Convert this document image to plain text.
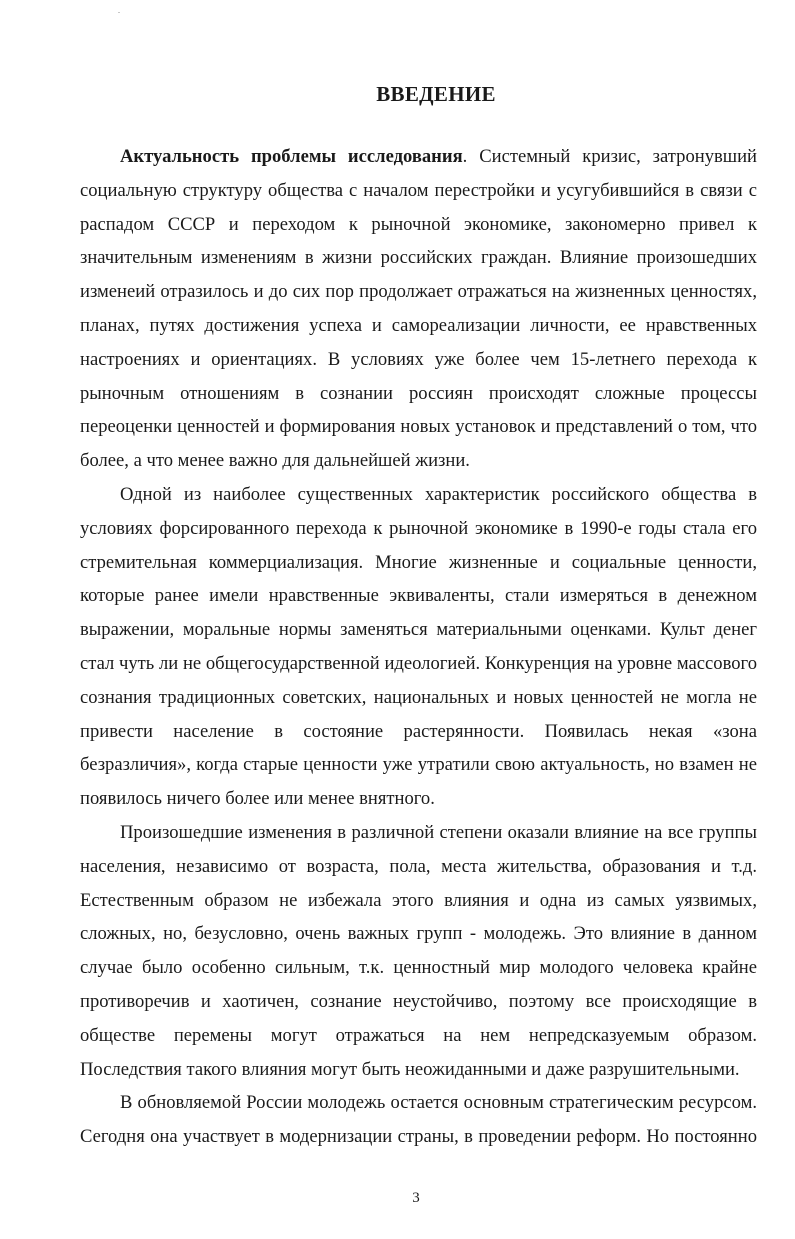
ВВЕДЕНИЕ

Актуальность проблемы исследования. Системный кризис, затронувший социальную структуру общества с началом перестройки и усугубившийся в связи с распадом СССР и переходом к рыночной экономике, закономерно привел к значительным изменениям в жизни российских граждан. Влияние произошедших изменеий отразилось и до сих пор продолжает отражаться на жизненных ценностях, планах, путях достижения успеха и самореализации личности, ее нравственных настроениях и ориентациях. В условиях уже более чем 15-летнего перехода к рыночным отношениям в сознании россиян происходят сложные процессы переоценки ценностей и формирования новых установок и представлений о том, что более, а что менее важно для дальнейшей жизни.

Одной из наиболее существенных характеристик российского общества в условиях форсированного перехода к рыночной экономике в 1990-е годы стала его стремительная коммерциализация. Многие жизненные и социальные ценности, которые ранее имели нравственные эквиваленты, стали измеряться в денежном выражении, моральные нормы заменяться материальными оценками. Культ денег стал чуть ли не общегосударственной идеологией. Конкуренция на уровне массового сознания традиционных советских, национальных и новых ценностей не могла не привести население в состояние растерянности. Появилась некая «зона безразличия», когда старые ценности уже утратили свою актуальность, но взамен не появилось ничего более или менее внятного.

Произошедшие изменения в различной степени оказали влияние на все группы населения, независимо от возраста, пола, места жительства, образования и т.д. Естественным образом не избежала этого влияния и одна из самых уязвимых, сложных, но, безусловно, очень важных групп - молодежь. Это влияние в данном случае было особенно сильным, т.к. ценностный мир молодого человека крайне противоречив и хаотичен, сознание неустойчиво, поэтому все происходящие в обществе перемены могут отражаться на нем непредсказуемым образом. Последствия такого влияния могут быть неожиданными и даже разрушительными.

В обновляемой России молодежь остается основным стратегическим ресурсом. Сегодня она участвует в модернизации страны, в проведении реформ. Но постоянно

3
